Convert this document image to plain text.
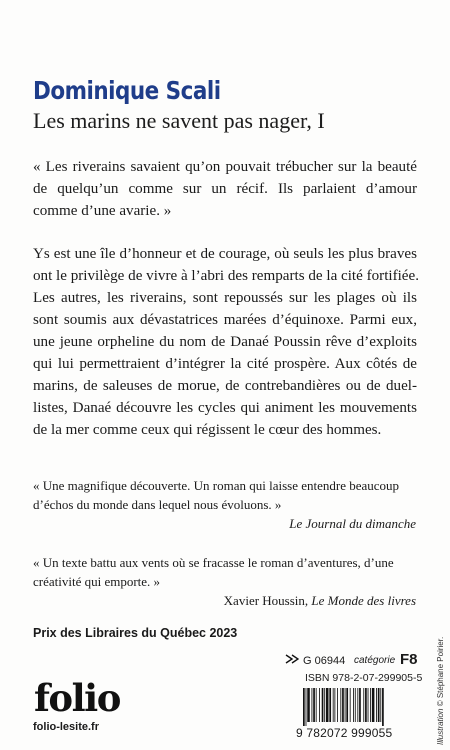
Dominique Scali
Les marins ne savent pas nager, I

« Les riverains savaient qu’on pouvait trébucher sur la beauté
de quelqu’un comme sur un récif. Ils parlaient d’amour
comme d’une avarie. »

Ys est une île d’honneur et de courage, où seuls les plus braves
ont le privilège de vivre à l’abri des remparts de la cité fortifiée.
Les autres, les riverains, sont repoussés sur les plages où ils
sont soumis aux dévastatrices marées d’équinoxe. Parmi eux,
une jeune orpheline du nom de Danaé Poussin rêve d’exploits
qui lui permettraient d’intégrer la cité prospère. Aux côtés de
marins, de saleuses de morue, de contrebandières ou de duel-
listes, Danaé découvre les cycles qui animent les mouvements
de la mer comme ceux qui régissent le cœur des hommes.

« Une magnifique découverte. Un roman qui laisse entendre beaucoup
d’échos du monde dans lequel nous évoluons. »

Le Journal du dimanche

« Un texte battu aux vents où se fracasse le roman d’aventures, d’une
créativité qui emporte. »

Xavier Houssin, Le Monde des livres
Prix des Libraires du Québec 2023
folio
folio-lesite.fr
G 06944 catégorie F8
ISBN 978-2-07-299905-5
9 782072 999055	Illustration © Stéphane Poirier.
